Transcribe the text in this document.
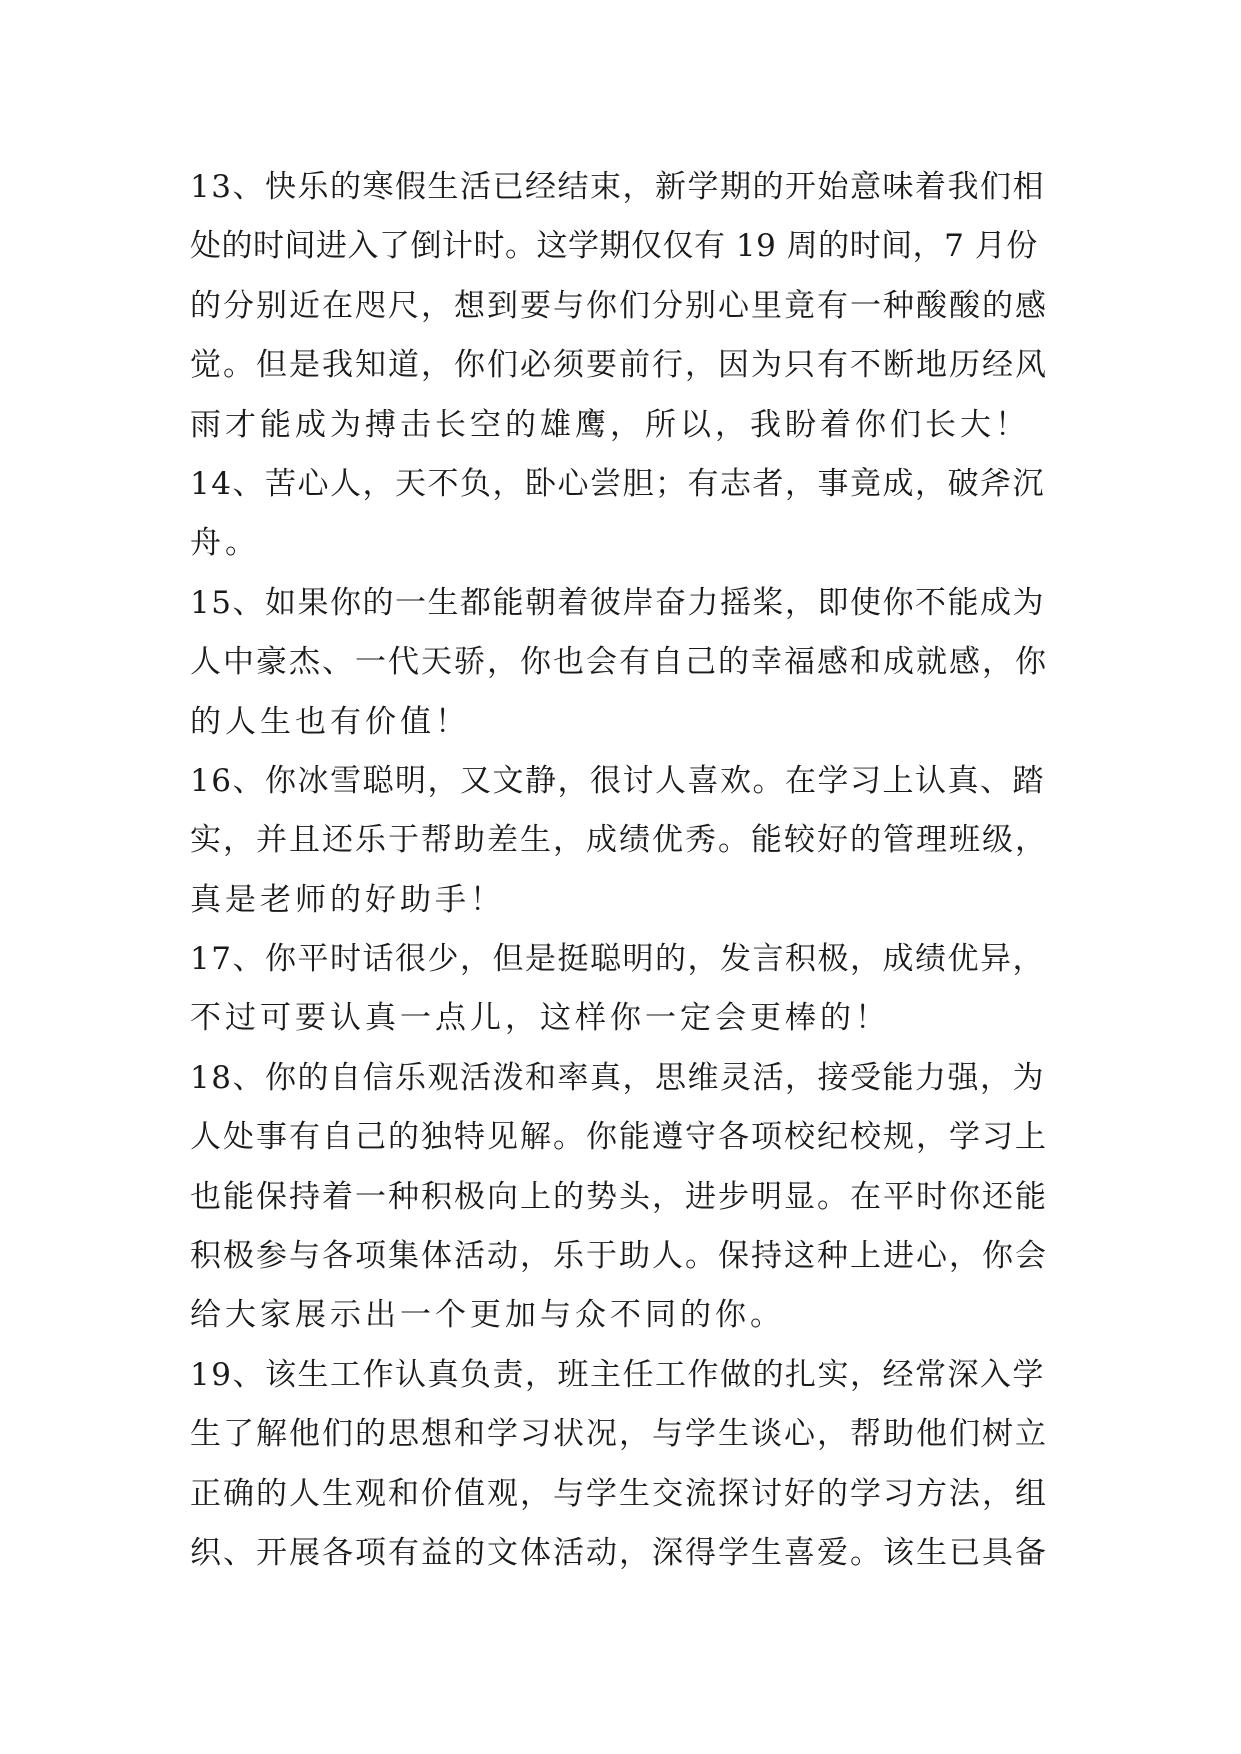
13、快乐的寒假生活已经结束，新学期的开始意味着我们相
处的时间进入了倒计时。这学期仅仅有 19 周的时间，7 月份
的分别近在咫尺，想到要与你们分别心里竟有一种酸酸的感
觉。但是我知道，你们必须要前行，因为只有不断地历经风
雨才能成为搏击长空的雄鹰，所以，我盼着你们长大！
14、苦心人，天不负，卧心尝胆；有志者，事竟成，破斧沉
舟。
15、如果你的一生都能朝着彼岸奋力摇桨，即使你不能成为
人中豪杰、一代天骄，你也会有自己的幸福感和成就感，你
的人生也有价值！
16、你冰雪聪明，又文静，很讨人喜欢。在学习上认真、踏
实，并且还乐于帮助差生，成绩优秀。能较好的管理班级，
真是老师的好助手！
17、你平时话很少，但是挺聪明的，发言积极，成绩优异，
不过可要认真一点儿，这样你一定会更棒的！
18、你的自信乐观活泼和率真，思维灵活，接受能力强，为
人处事有自己的独特见解。你能遵守各项校纪校规，学习上
也能保持着一种积极向上的势头，进步明显。在平时你还能
积极参与各项集体活动，乐于助人。保持这种上进心，你会
给大家展示出一个更加与众不同的你。
19、该生工作认真负责，班主任工作做的扎实，经常深入学
生了解他们的思想和学习状况，与学生谈心，帮助他们树立
正确的人生观和价值观，与学生交流探讨好的学习方法，组
织、开展各项有益的文体活动，深得学生喜爱。该生已具备
